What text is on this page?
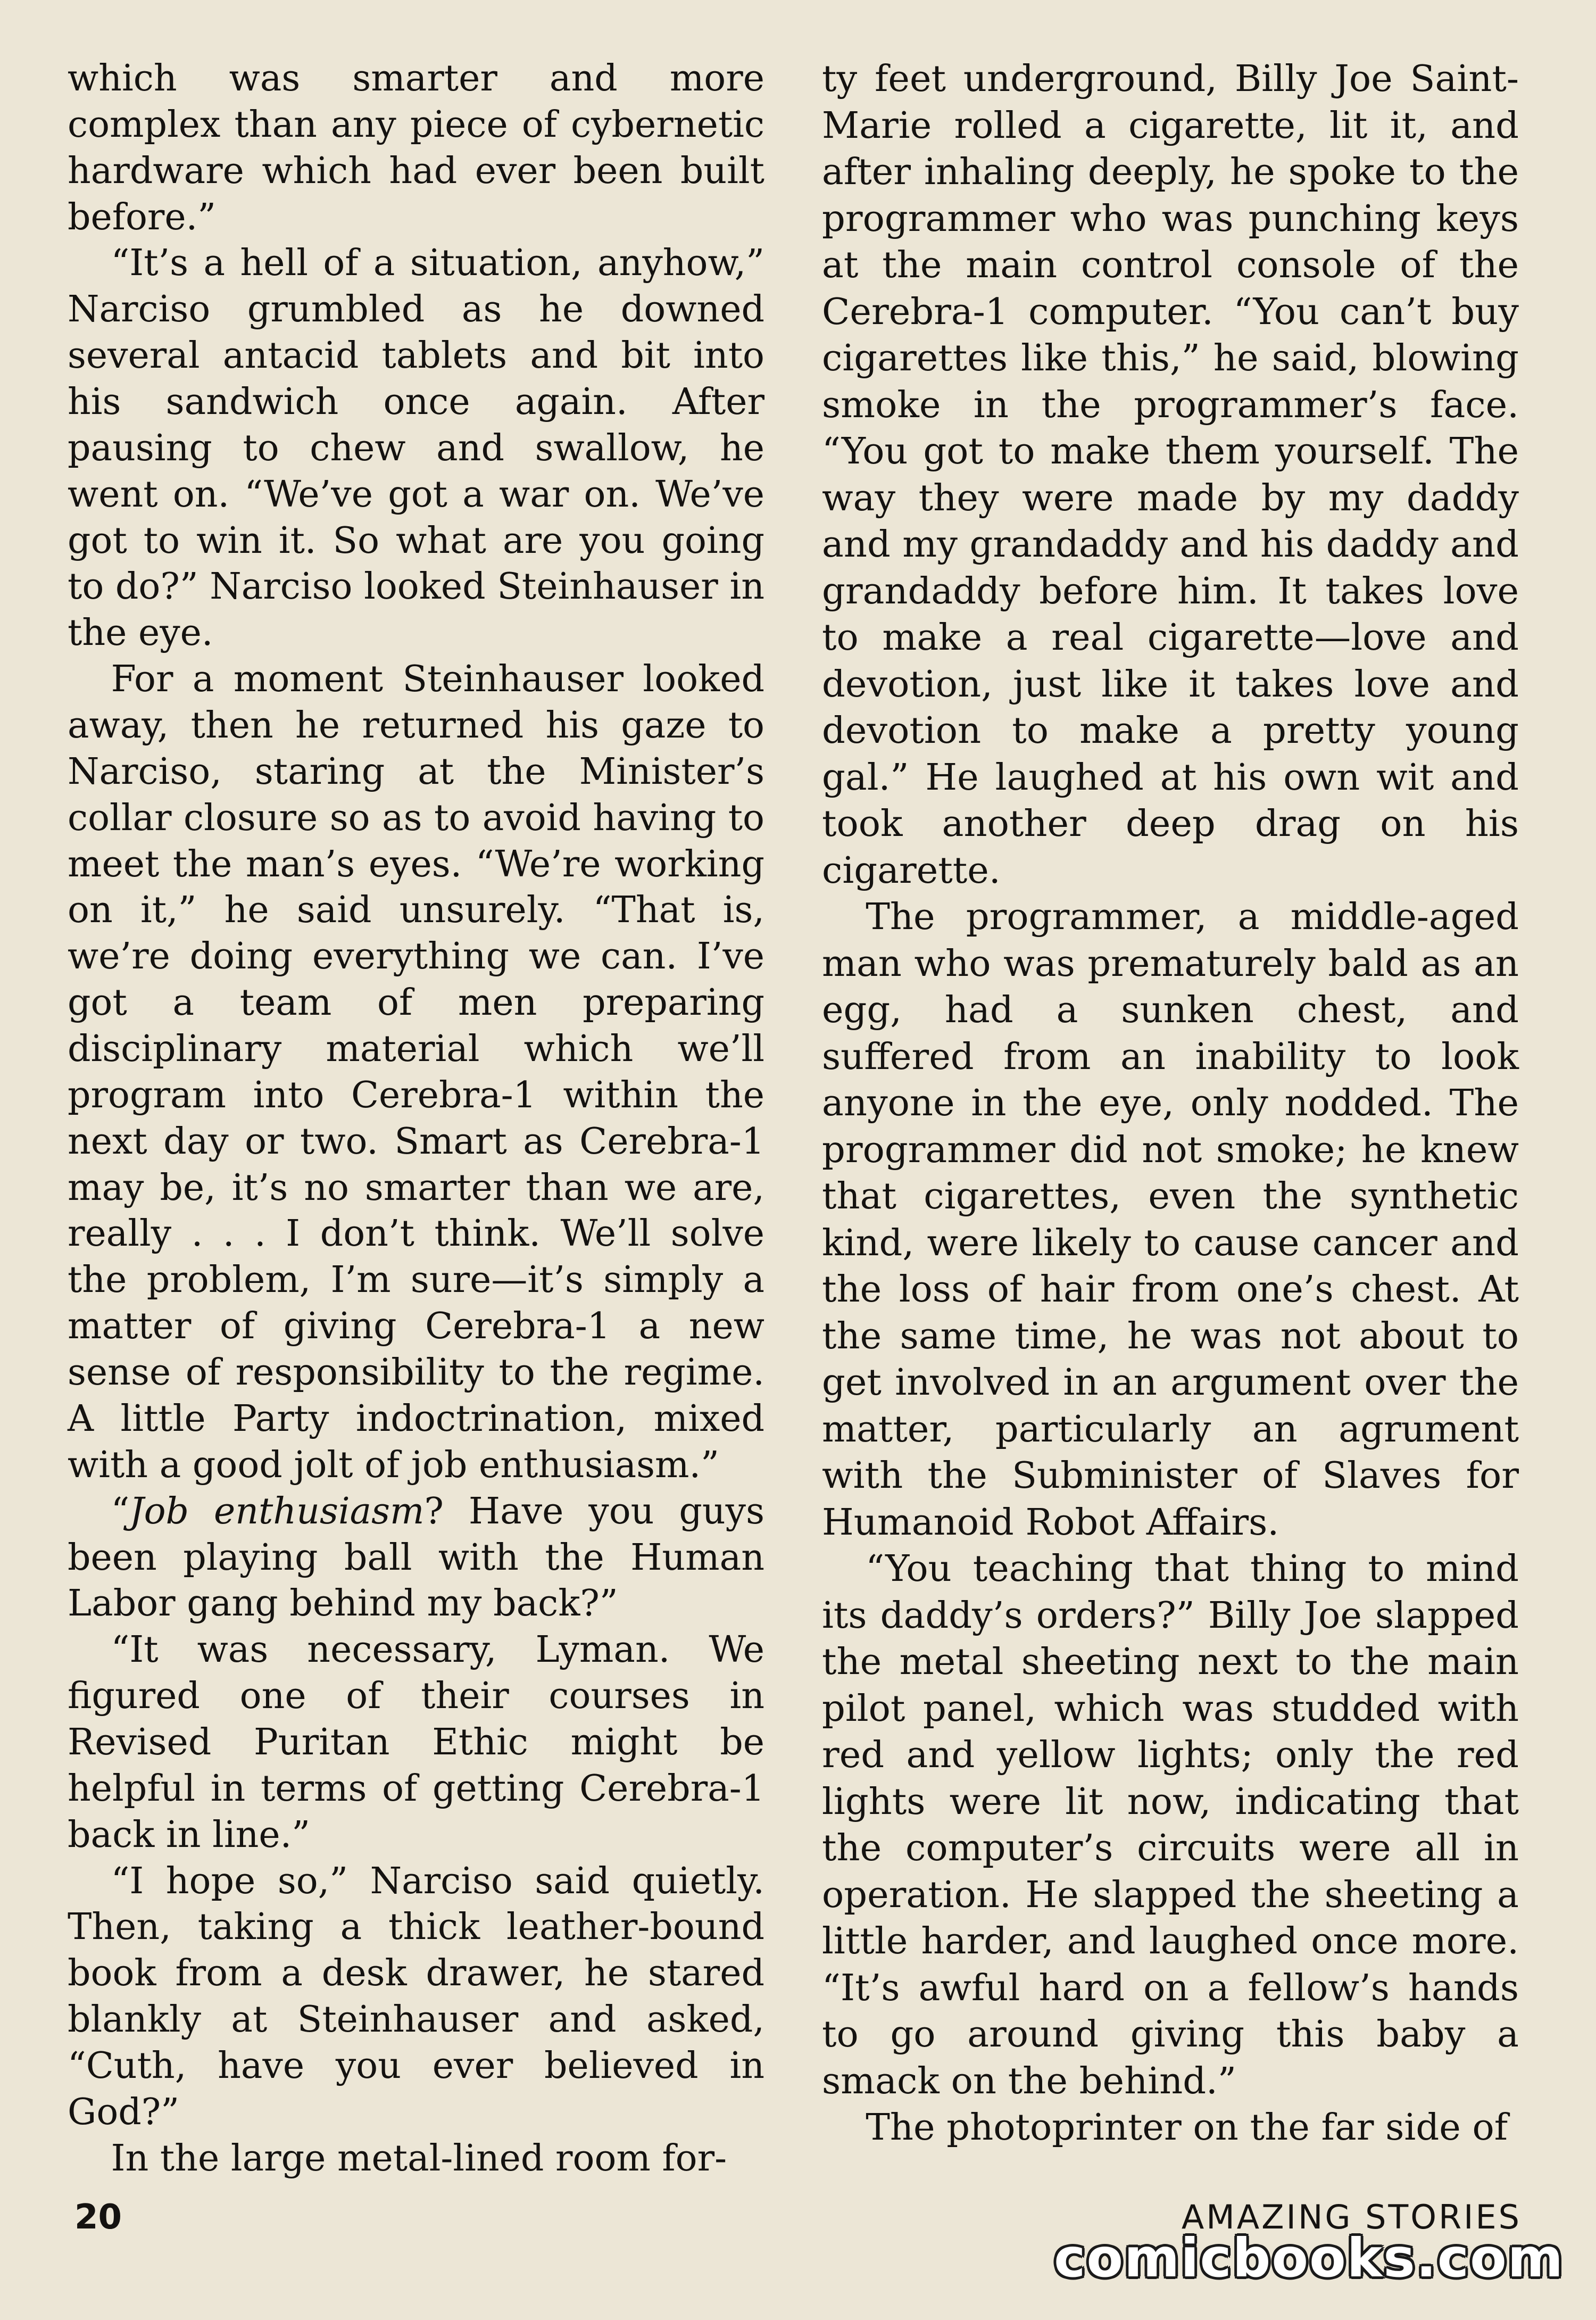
which was smarter and more complex than any piece of cybernetic hardware which had ever been built before.”

“It’s a hell of a situation, anyhow,” Narciso grumbled as he downed several antacid tablets and bit into his sandwich once again. After pausing to chew and swallow, he went on. “We’ve got a war on. We’ve got to win it. So what are you going to do?” Narciso looked Steinhauser in the eye.

For a moment Steinhauser looked away, then he returned his gaze to Narciso, staring at the Minister’s collar closure so as to avoid having to meet the man’s eyes. “We’re working on it,” he said unsurely. “That is, we’re doing everything we can. I’ve got a team of men preparing disciplinary material which we’ll program into Cerebra-1 within the next day or two. Smart as Cerebra-1 may be, it’s no smarter than we are, really . . . I don’t think. We’ll solve the problem, I’m sure—it’s simply a matter of giving Cerebra-1 a new sense of responsibility to the regime. A little Party indoctrination, mixed with a good jolt of job enthusiasm.”

“Job enthusiasm? Have you guys been playing ball with the Human Labor gang behind my back?”

“It was necessary, Lyman. We figured one of their courses in Revised Puritan Ethic might be helpful in terms of getting Cerebra-1 back in line.”

“I hope so,” Narciso said quietly. Then, taking a thick leather-bound book from a desk drawer, he stared blankly at Steinhauser and asked, “Cuth, have you ever believed in God?”

In the large metal-lined room for-

ty feet underground, Billy Joe Saint-Marie rolled a cigarette, lit it, and after inhaling deeply, he spoke to the programmer who was punching keys at the main control console of the Cerebra-1 computer. “You can’t buy cigarettes like this,” he said, blowing smoke in the programmer’s face. “You got to make them yourself. The way they were made by my daddy and my grandaddy and his daddy and grandaddy before him. It takes love to make a real cigarette—love and devotion, just like it takes love and devotion to make a pretty young gal.” He laughed at his own wit and took another deep drag on his cigarette.

The programmer, a middle-aged man who was prematurely bald as an egg, had a sunken chest, and suffered from an inability to look anyone in the eye, only nodded. The programmer did not smoke; he knew that cigarettes, even the synthetic kind, were likely to cause cancer and the loss of hair from one’s chest. At the same time, he was not about to get involved in an argument over the matter, particularly an agrument with the Subminister of Slaves for Humanoid Robot Affairs.

“You teaching that thing to mind its daddy’s orders?” Billy Joe slapped the metal sheeting next to the main pilot panel, which was studded with red and yellow lights; only the red lights were lit now, indicating that the computer’s circuits were all in operation. He slapped the sheeting a little harder, and laughed once more. “It’s awful hard on a fellow’s hands to go around giving this baby a smack on the behind.”

The photoprinter on the far side of

20	AMAZING STORIES
comicbooks.com
